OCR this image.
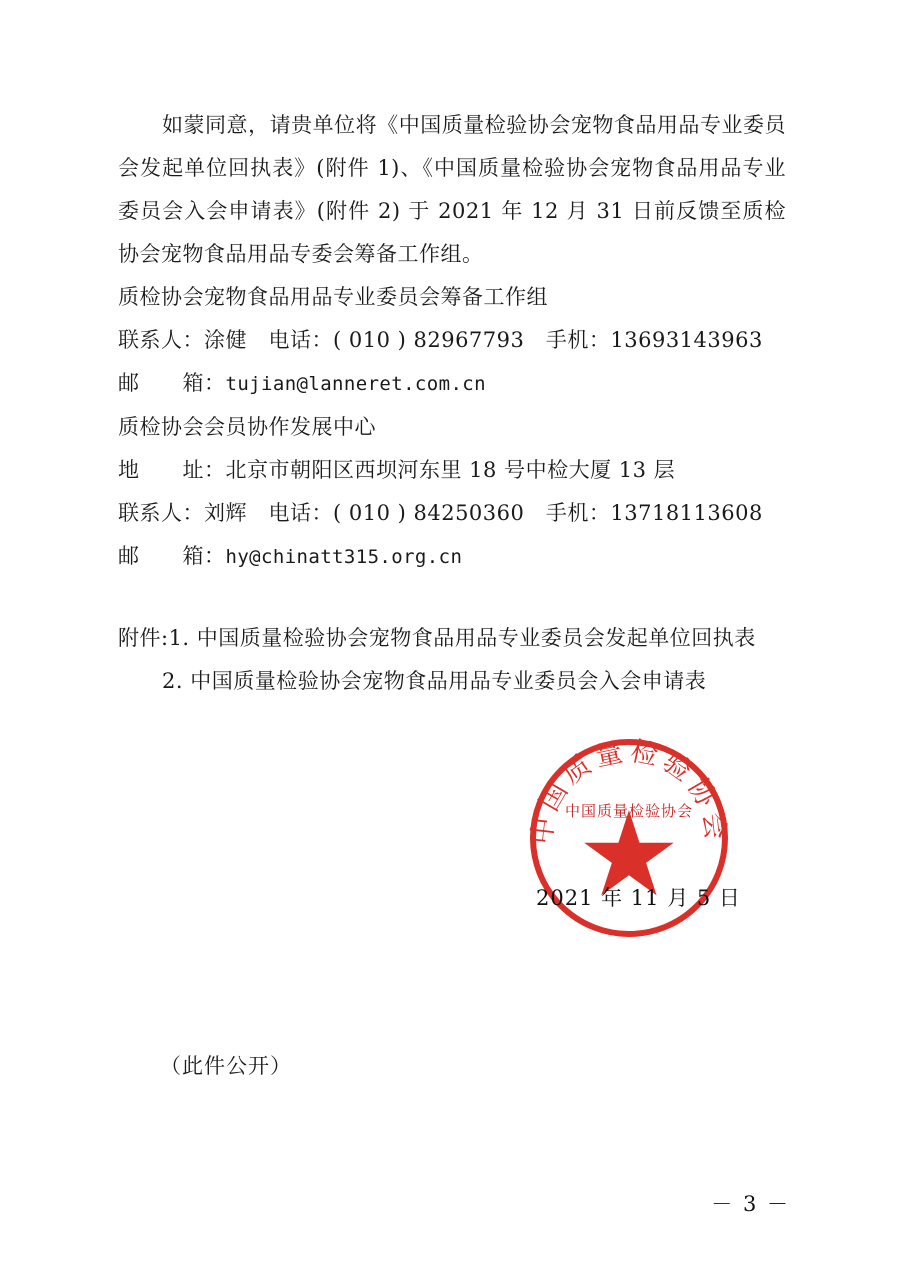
如蒙同意，请贵单位将《中国质量检验协会宠物食品用品专业委员会发起单位回执表》(附件 1)、《中国质量检验协会宠物食品用品专业委员会入会申请表》(附件 2) 于 2021 年 12 月 31 日前反馈至质检协会宠物食品用品专委会筹备工作组。

质检协会宠物食品用品专业委员会筹备工作组

联系人：涂健　电话：( 010 ) 82967793　手机：13693143963

邮　　箱：tujian@lanneret.com.cn

质检协会会员协作发展中心

地　　址：北京市朝阳区西坝河东里 18 号中检大厦 13 层

联系人：刘辉　电话：( 010 ) 84250360　手机：13718113608

邮　　箱：hy@chinatt315.org.cn

附件:1. 中国质量检验协会宠物食品用品专业委员会发起单位回执表

2. 中国质量检验协会宠物食品用品专业委员会入会申请表

中国质量检验协会
中国质量检验协会
2021 年 11 月 5 日
（此件公开）
－ 3 －
